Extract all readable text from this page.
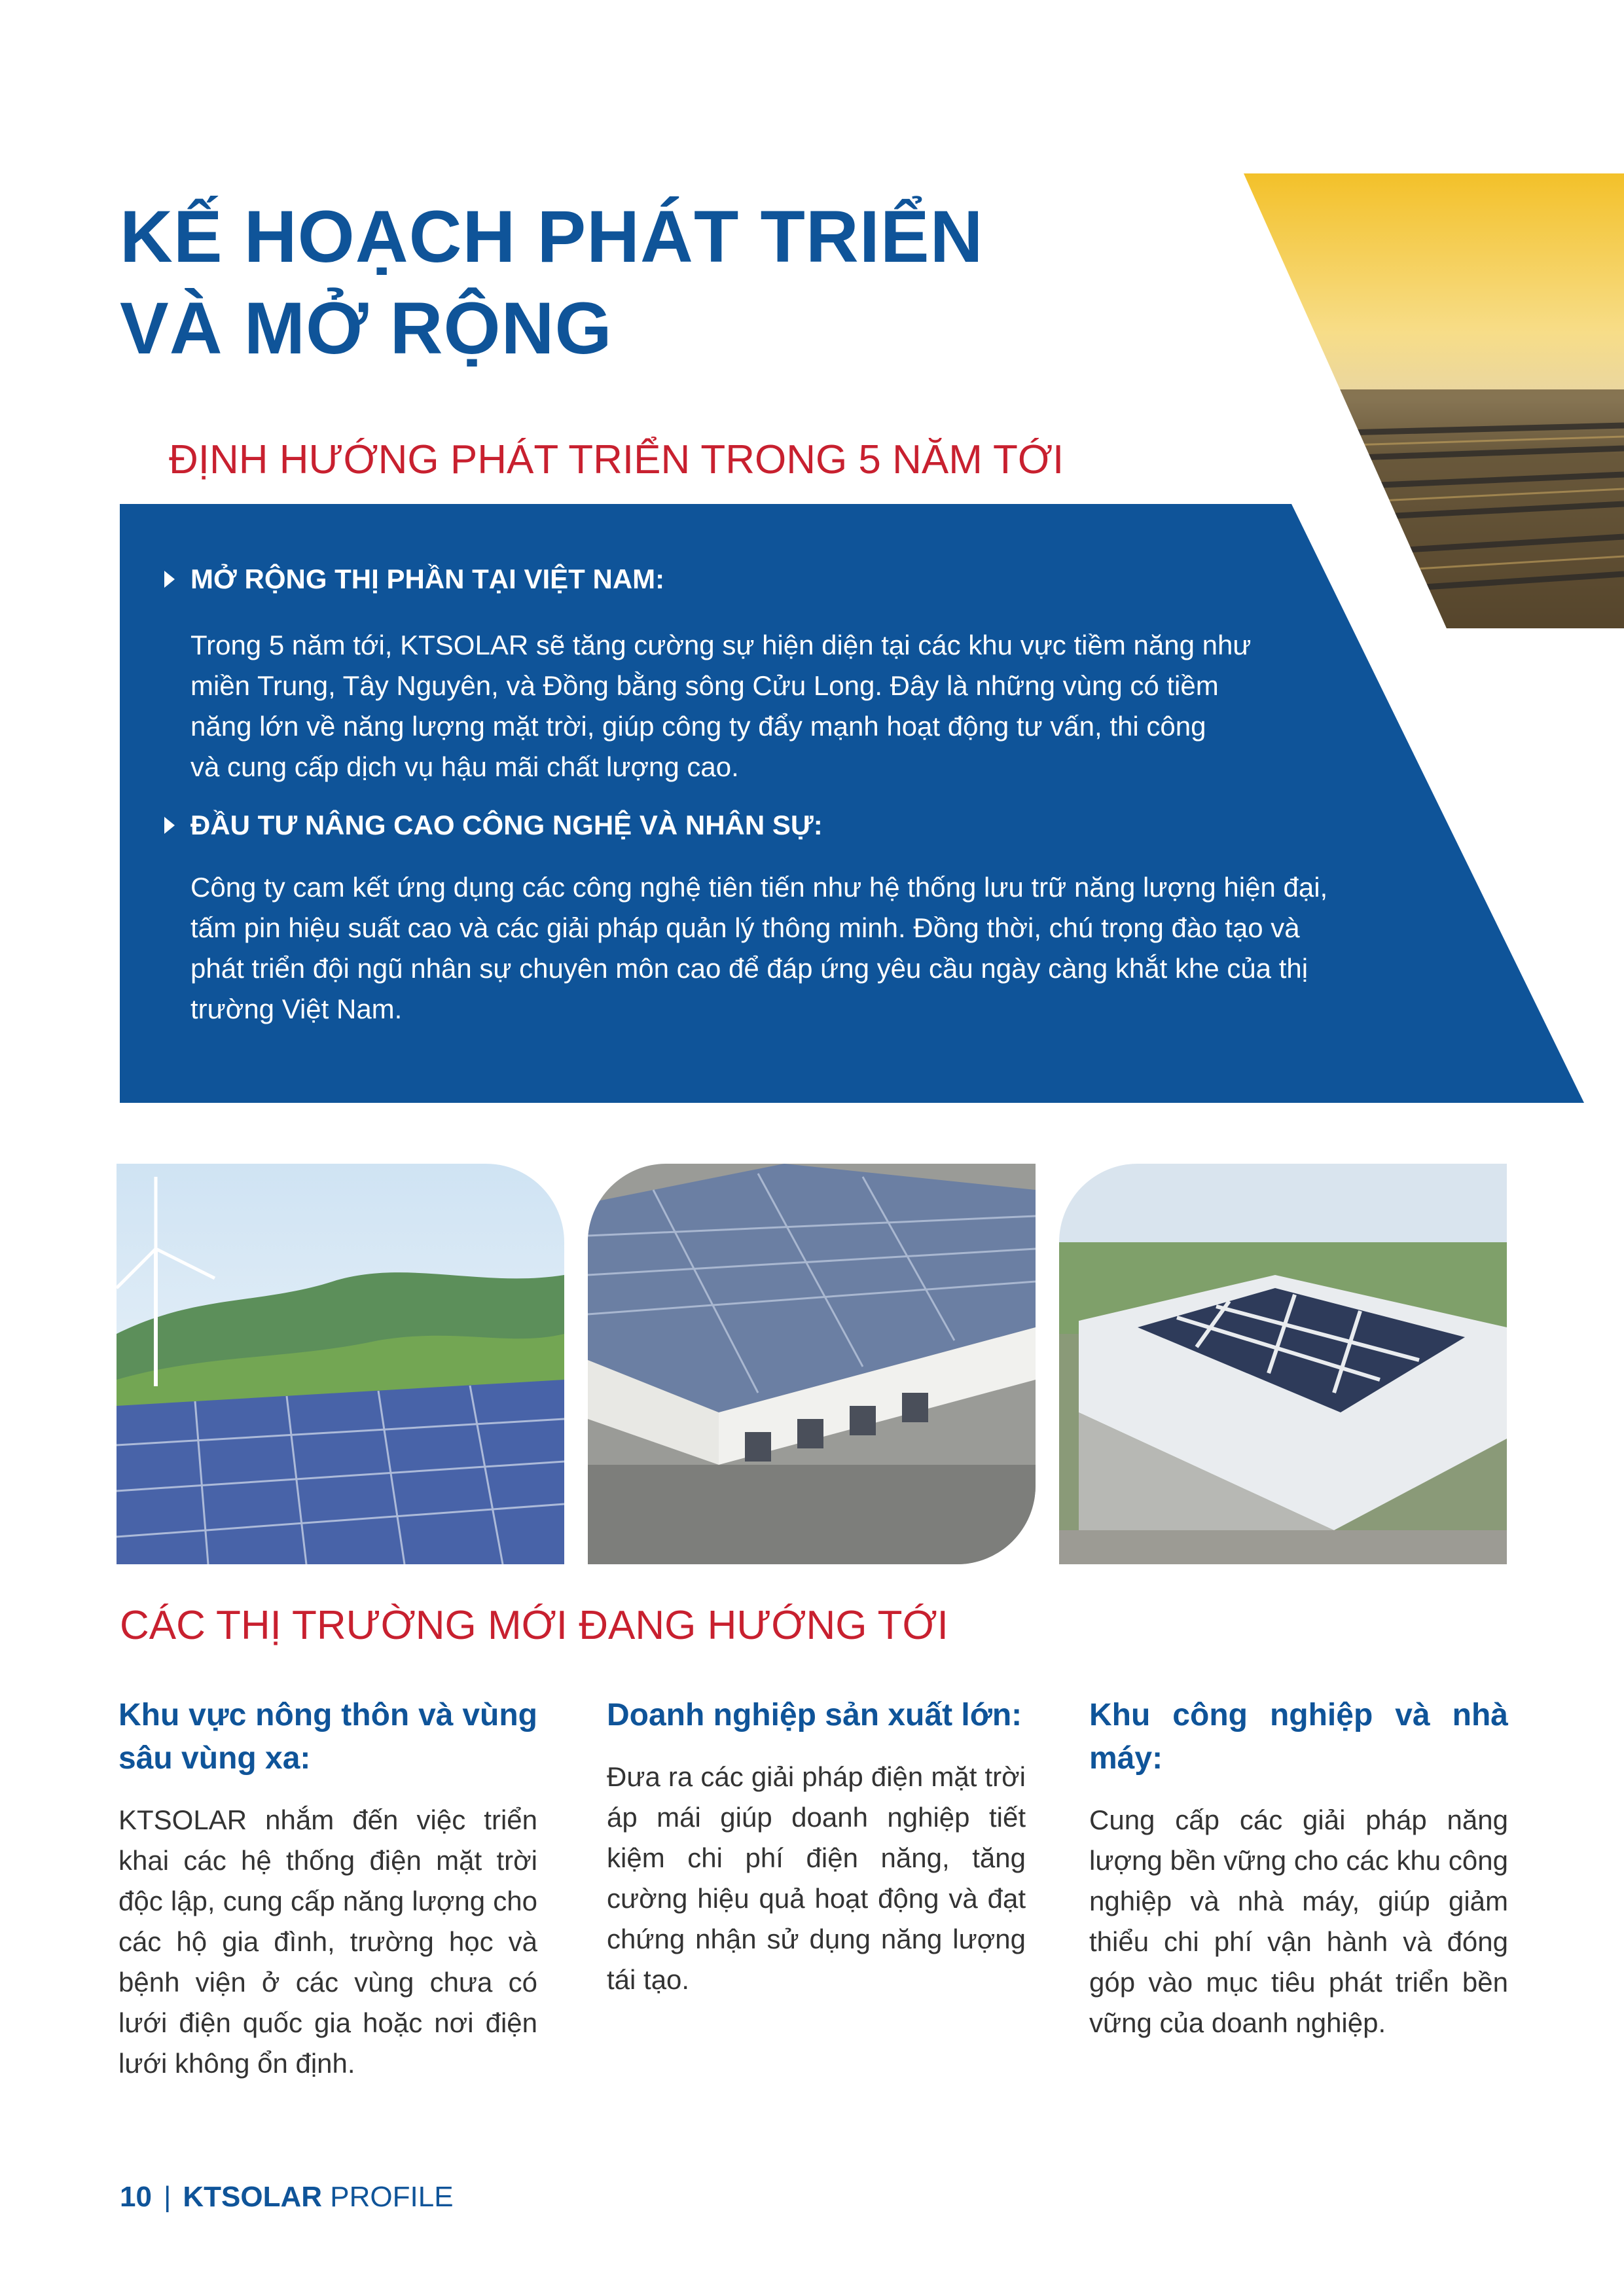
KẾ HOẠCH PHÁT TRIỂN
VÀ MỞ RỘNG
ĐỊNH HƯỚNG PHÁT TRIỂN TRONG 5 NĂM TỚI
MỞ RỘNG THỊ PHẦN TẠI VIỆT NAM:

Trong 5 năm tới, KTSOLAR sẽ tăng cường sự hiện diện tại các khu vực tiềm năng như

miền Trung, Tây Nguyên, và Đồng bằng sông Cửu Long. Đây là những vùng có tiềm

năng lớn về năng lượng mặt trời, giúp công ty đẩy mạnh hoạt động tư vấn, thi công

và cung cấp dịch vụ hậu mãi chất lượng cao.

ĐẦU TƯ NÂNG CAO CÔNG NGHỆ VÀ NHÂN SỰ:

Công ty cam kết ứng dụng các công nghệ tiên tiến như hệ thống lưu trữ năng lượng hiện đại,

tấm pin hiệu suất cao và các giải pháp quản lý thông minh. Đồng thời, chú trọng đào tạo và

phát triển đội ngũ nhân sự chuyên môn cao để đáp ứng yêu cầu ngày càng khắt khe của thị

trường Việt Nam.

CÁC THỊ TRƯỜNG MỚI ĐANG HƯỚNG TỚI
Khu vực nông thôn và vùng sâu vùng xa:

KTSOLAR nhắm đến việc triển khai các hệ thống điện mặt trời độc lập, cung cấp năng lượng cho các hộ gia đình, trường học và bệnh viện ở các vùng chưa có lưới điện quốc gia hoặc nơi điện lưới không ổn định.

Doanh nghiệp sản xuất lớn:

Đưa ra các giải pháp điện mặt trời áp mái giúp doanh nghiệp tiết kiệm chi phí điện năng, tăng cường hiệu quả hoạt động và đạt chứng nhận sử dụng năng lượng tái tạo.

Khu công nghiệp và nhà máy:

Cung cấp các giải pháp năng lượng bền vững cho các khu công nghiệp và nhà máy, giúp giảm thiểu chi phí vận hành và đóng góp vào mục tiêu phát triển bền vững của doanh nghiệp.

10 | KTSOLAR PROFILE
